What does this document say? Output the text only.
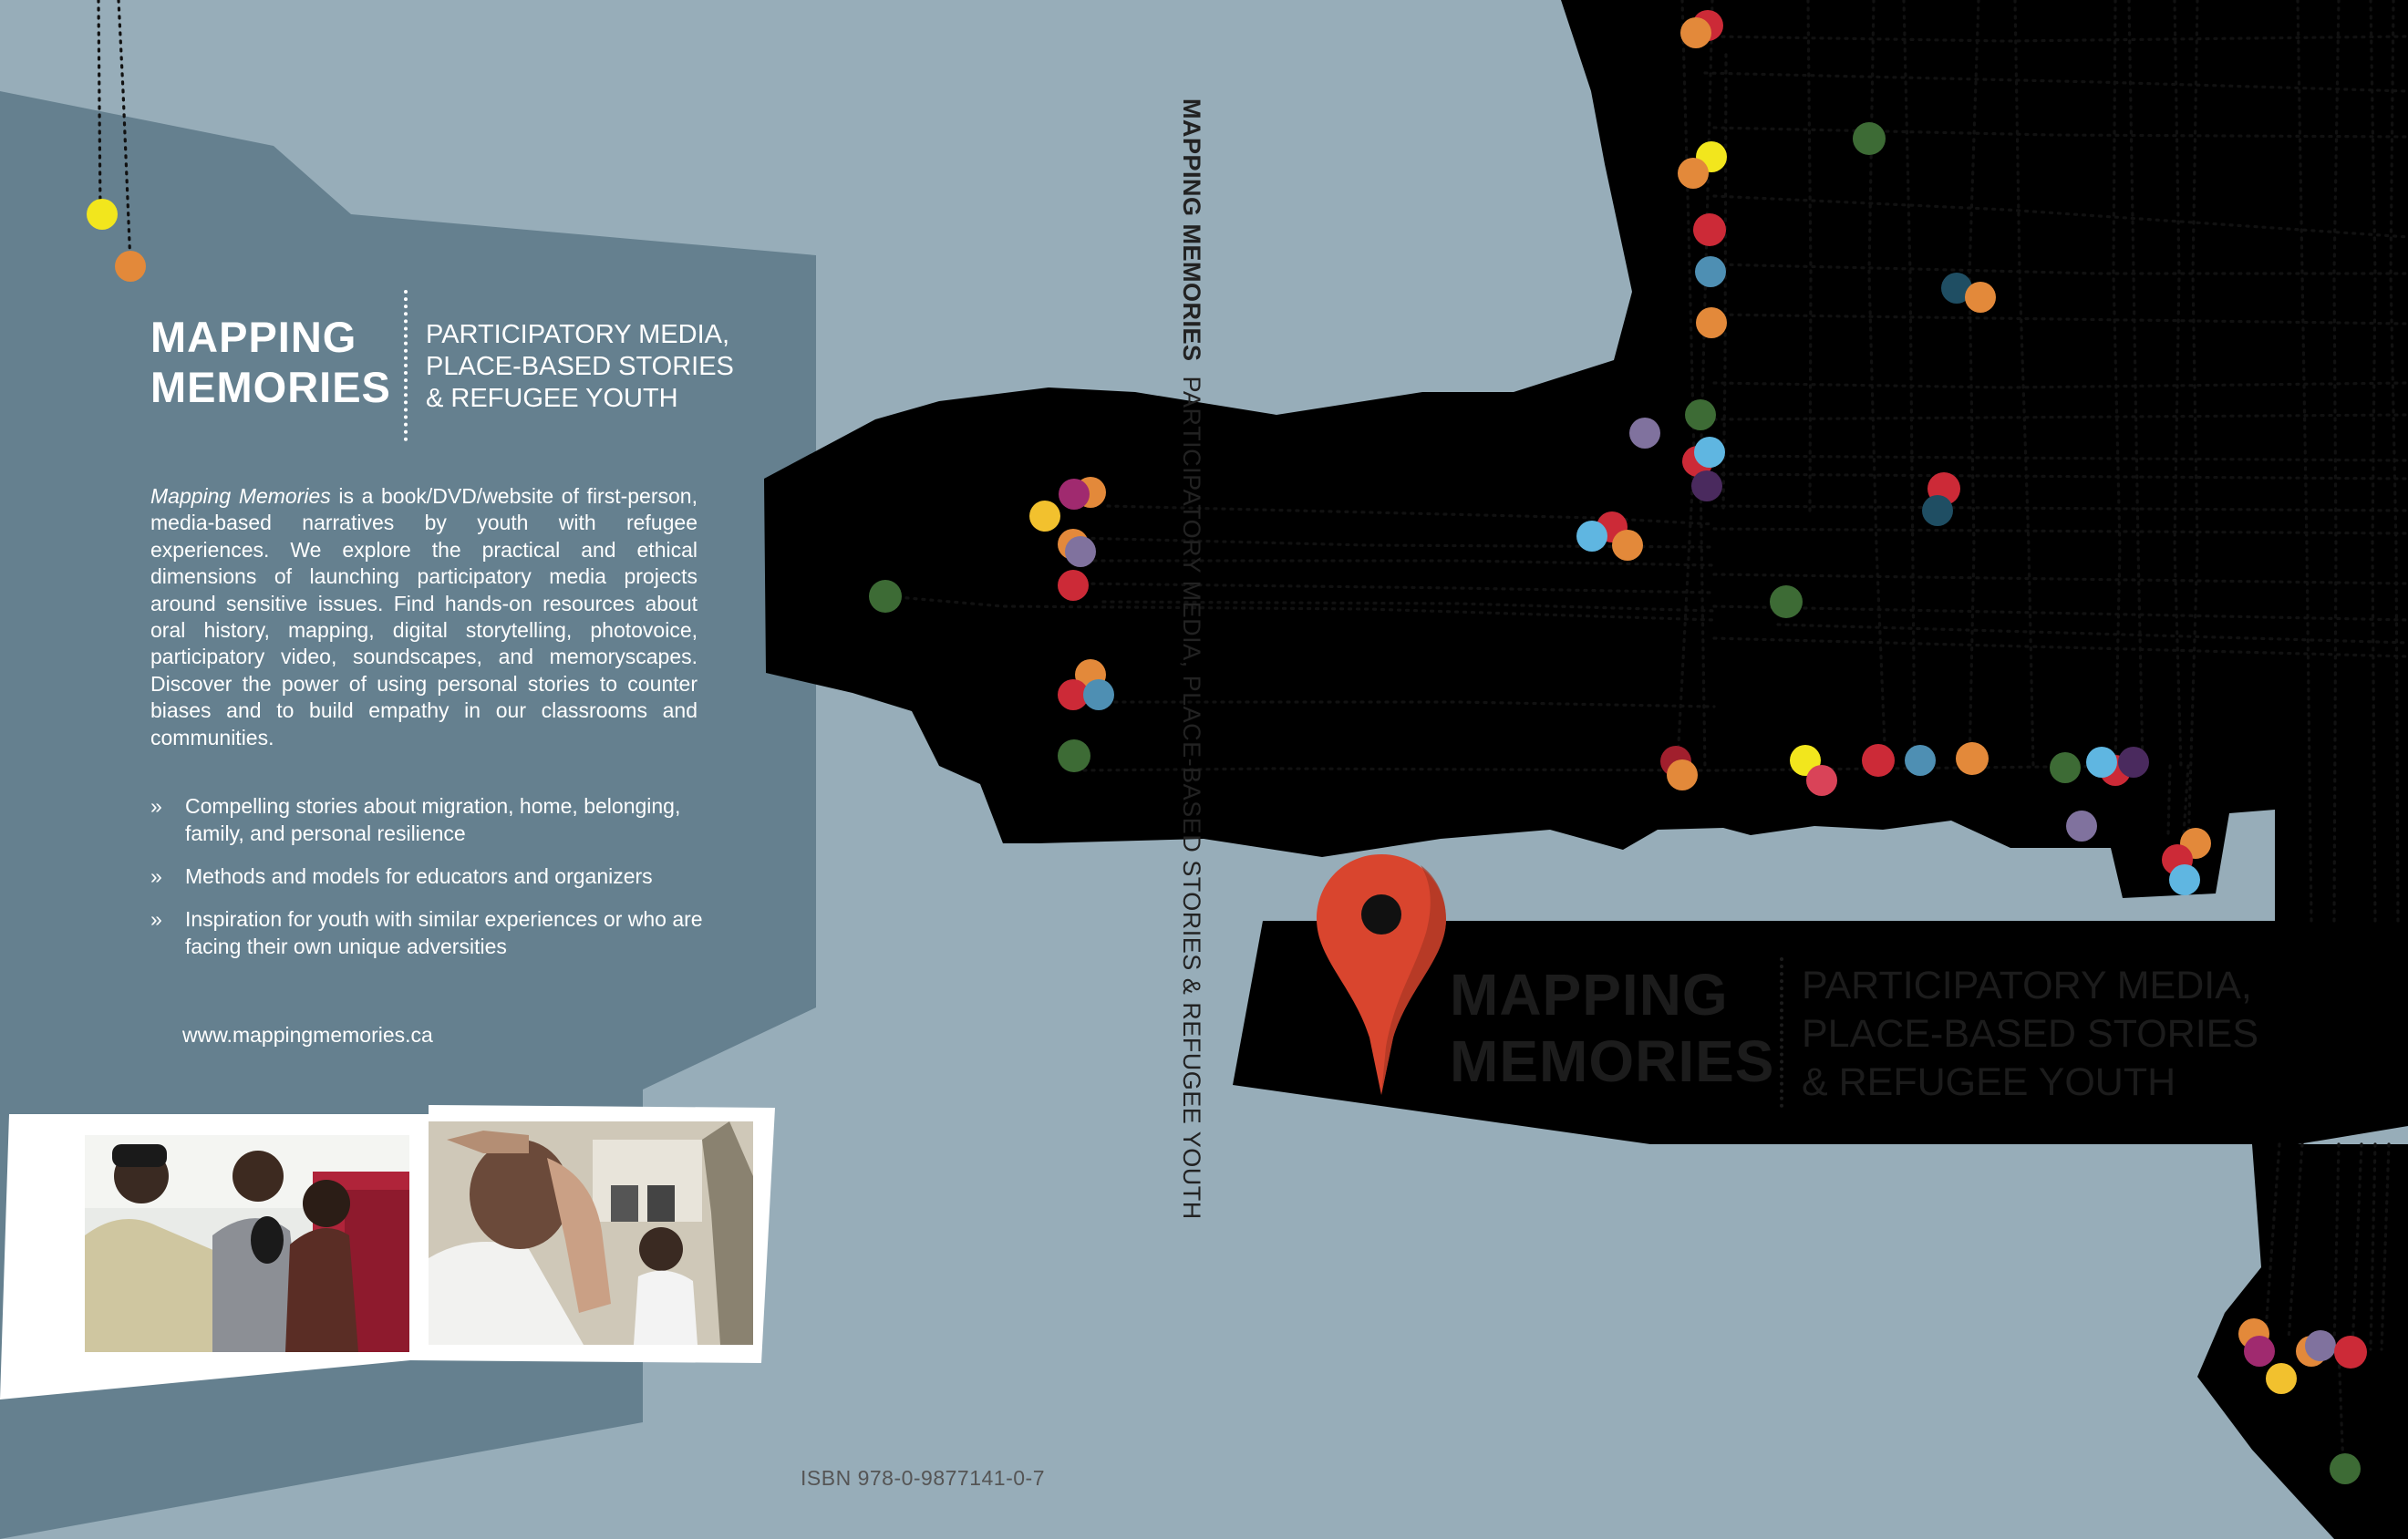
MAPPING
MEMORIES
PARTICIPATORY MEDIA,
PLACE-BASED STORIES
& REFUGEE YOUTH
Mapping Memories is a book/DVD/website of first-person, media-based narratives by youth with refugee experiences. We explore the practical and ethical dimensions of launching participatory media projects around sensitive issues. Find hands-on resources about oral history, mapping, digital storytelling, photovoice, participatory video, soundscapes, and memoryscapes. Discover the power of using personal stories to counter biases and to build empathy in our classrooms and communities.
» Compelling stories about migration, home, belonging, family, and personal resilience
» Methods and models for educators and organizers
» Inspiration for youth with similar experiences or who are facing their own unique adversities
www.mappingmemories.ca
ISBN 978-0-9877141-0-7
MAPPING MEMORIES  PARTICIPATORY MEDIA, PLACE-BASED STORIES & REFUGEE YOUTH	MAPPING
MEMORIES
PARTICIPATORY MEDIA,
PLACE-BASED STORIES
& REFUGEE YOUTH
